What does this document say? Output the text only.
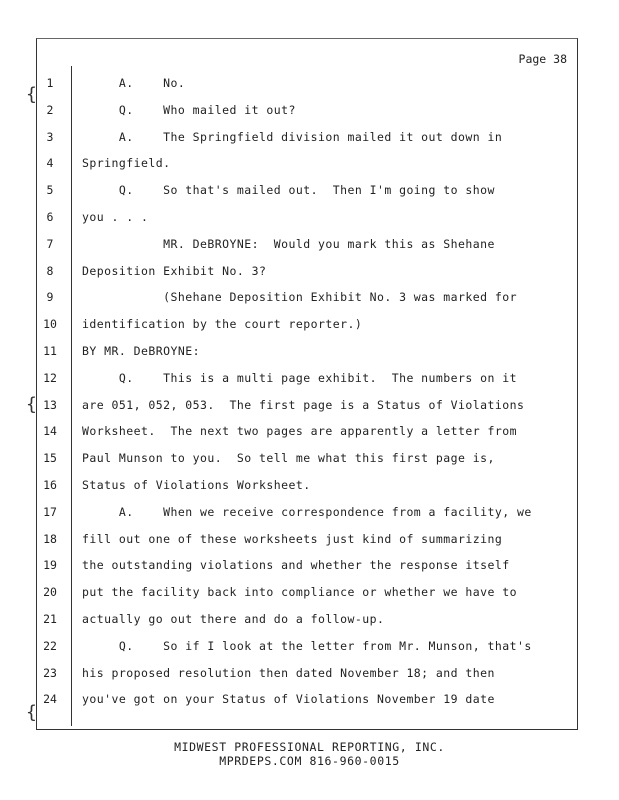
{
{
{
Page 38
1	A.    No.
2	Q.    Who mailed it out?
3	A.    The Springfield division mailed it out down in
4	Springfield.
5	Q.    So that's mailed out.  Then I'm going to show
6	you . . .
7	MR. DeBROYNE:  Would you mark this as Shehane
8	Deposition Exhibit No. 3?
9	(Shehane Deposition Exhibit No. 3 was marked for
10	identification by the court reporter.)
11	BY MR. DeBROYNE:
12	Q.    This is a multi page exhibit.  The numbers on it
13	are 051, 052, 053.  The first page is a Status of Violations
14	Worksheet.  The next two pages are apparently a letter from
15	Paul Munson to you.  So tell me what this first page is,
16	Status of Violations Worksheet.
17	A.    When we receive correspondence from a facility, we
18	fill out one of these worksheets just kind of summarizing
19	the outstanding violations and whether the response itself
20	put the facility back into compliance or whether we have to
21	actually go out there and do a follow-up.
22	Q.    So if I look at the letter from Mr. Munson, that's
23	his proposed resolution then dated November 18; and then
24	you've got on your Status of Violations November 19 date
MIDWEST PROFESSIONAL REPORTING, INC.
MPRDEPS.COM 816-960-0015
